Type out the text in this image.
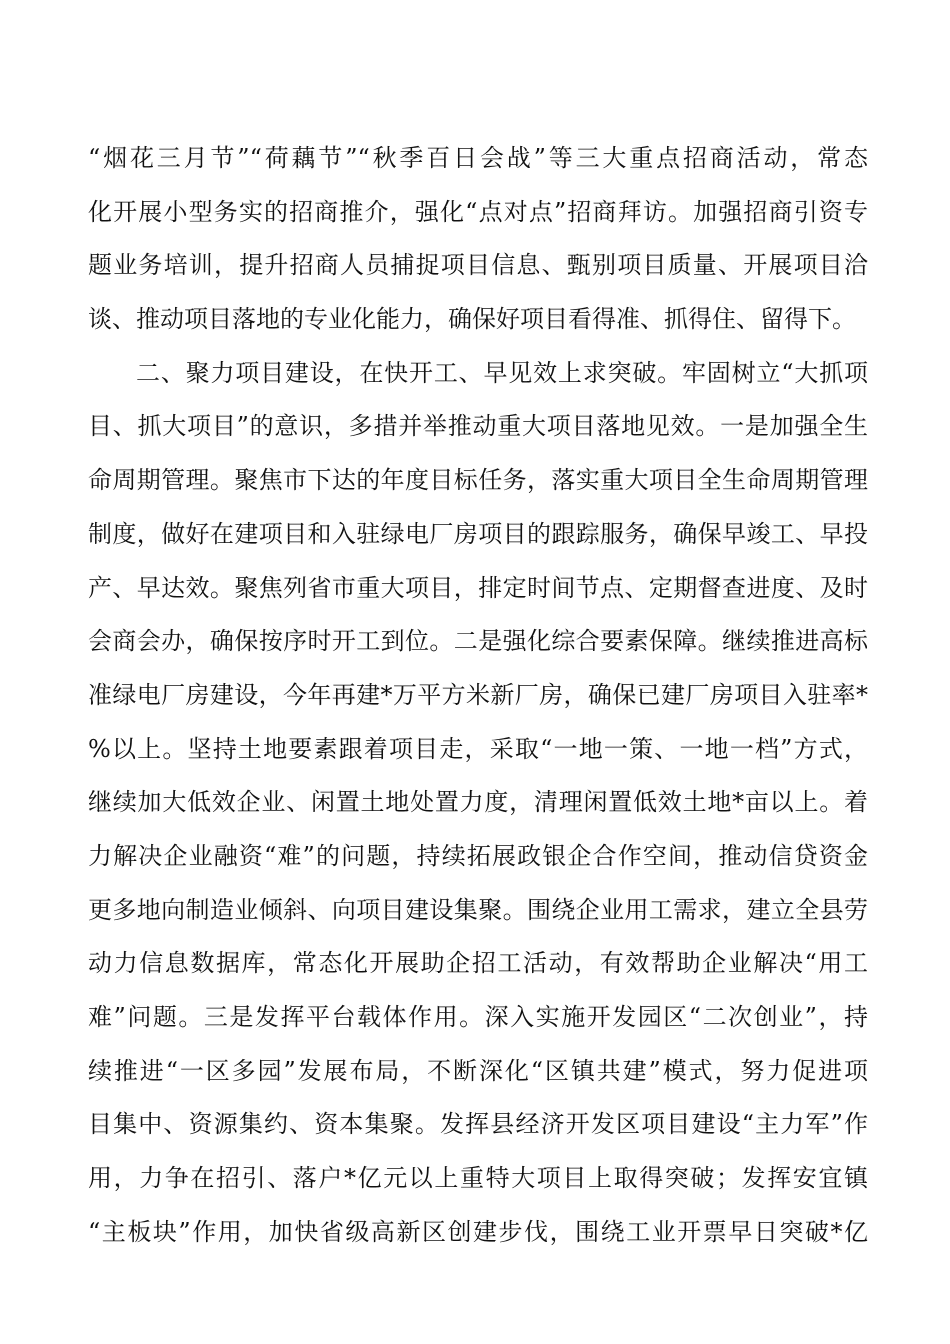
“烟花三月节”“荷藕节”“秋季百日会战”等三大重点招商活动，常态
化开展小型务实的招商推介，强化“点对点”招商拜访。加强招商引资专
题业务培训，提升招商人员捕捉项目信息、甄别项目质量、开展项目洽
谈、推动项目落地的专业化能力，确保好项目看得准、抓得住、留得下。
二、聚力项目建设，在快开工、早见效上求突破。牢固树立“大抓项
目、抓大项目”的意识，多措并举推动重大项目落地见效。一是加强全生
命周期管理。聚焦市下达的年度目标任务，落实重大项目全生命周期管理
制度，做好在建项目和入驻绿电厂房项目的跟踪服务，确保早竣工、早投
产、早达效。聚焦列省市重大项目，排定时间节点、定期督查进度、及时
会商会办，确保按序时开工到位。二是强化综合要素保障。继续推进高标
准绿电厂房建设，今年再建*万平方米新厂房，确保已建厂房项目入驻率*
%以上。坚持土地要素跟着项目走，采取“一地一策、一地一档”方式，
继续加大低效企业、闲置土地处置力度，清理闲置低效土地*亩以上。着
力解决企业融资“难”的问题，持续拓展政银企合作空间，推动信贷资金
更多地向制造业倾斜、向项目建设集聚。围绕企业用工需求，建立全县劳
动力信息数据库，常态化开展助企招工活动，有效帮助企业解决“用工
难”问题。三是发挥平台载体作用。深入实施开发园区“二次创业”，持
续推进“一区多园”发展布局，不断深化“区镇共建”模式，努力促进项
目集中、资源集约、资本集聚。发挥县经济开发区项目建设“主力军”作
用，力争在招引、落户*亿元以上重特大项目上取得突破；发挥安宜镇
“主板块”作用，加快省级高新区创建步伐，围绕工业开票早日突破*亿
